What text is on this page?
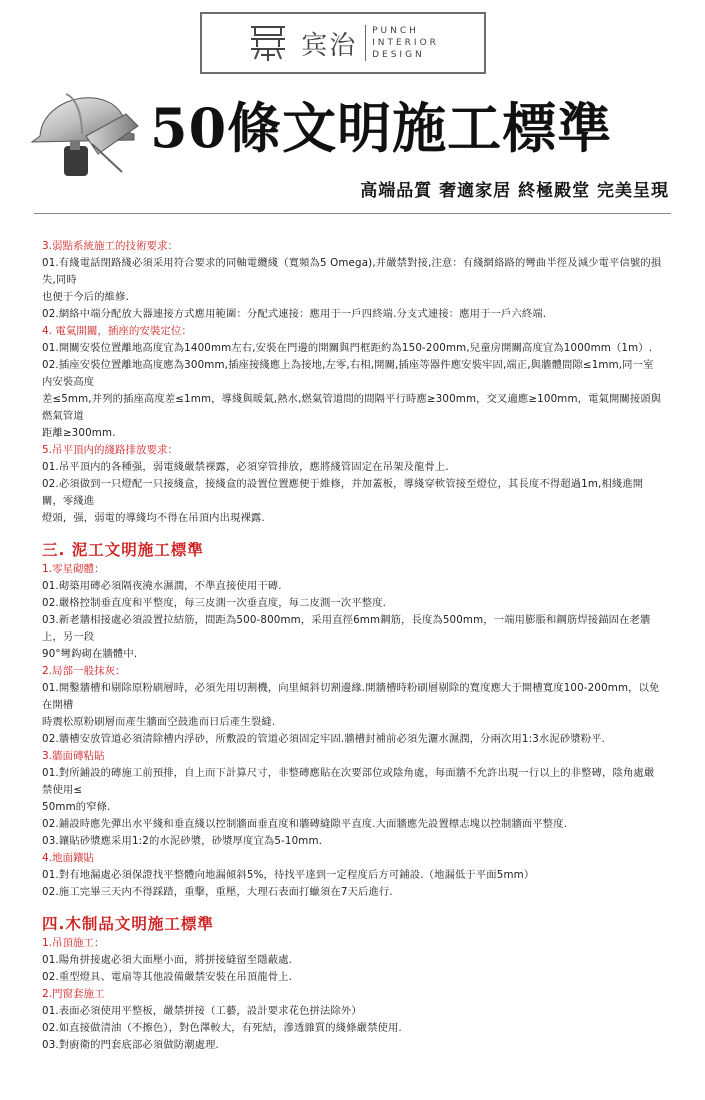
宾治 PUNCH
INTERIOR
DESIGN
50條文明施工標準
高端品質 奢適家居 終極殿堂 完美呈現

3.弱點系統施工的技術要求：

01.有綫電話閉路綫必須采用符合要求的同軸電纜綫（寬頻為5 Omega),并嚴禁對接,注意：有綫網絡路的彎曲半徑及減少電平信號的損失,同時

也便于今后的維修.

02.網絡中端分配放大器連接方式應用範圍：分配式連接：應用于一戶四終端.分支式連接：應用于一戶六終端.

4. 電氣開關，插座的安裝定位：

01.開關安裝位置離地高度宜為1400mm左右,安裝在門邊的開關與門框距約為150-200mm,兒童房開關高度宜為1000mm（1m）.

02.插座安裝位置離地高度應為300mm,插座接綫應上為接地,左零,右相,開關,插座等器件應安裝牢固,端正,與牆體間隙≤1mm,同一室内安裝高度

差≤5mm,并列的插座高度差≤1mm，導綫與暖氣,熱水,燃氣管道間的間隔平行時應≥300mm，交叉適應≥100mm，電氣開關接頭與燃氣管道

距離≥300mm.

5.吊平頂内的綫路排放要求：

01.吊平頂内的各種强，弱電綫嚴禁裸露，必須穿管排放，應將綫管固定在吊架及龍骨上.

02.必須做到一只燈配一只接綫盒，接綫盒的設置位置應便于維修，并加蓋板，導綫穿軟管接至燈位，其長度不得超過1m,相綫進開關，零綫進

燈頭，强，弱電的導綫均不得在吊頂内出現裸露.

三. 泥工文明施工標準

1.零星砌體：

01.砌築用磚必須隔夜澆水濕潤，不準直接使用干磚.

02.嚴格控制垂直度和平整度，每三皮測一次垂直度，每二皮測一次平整度.

03.新老牆相接處必須設置拉結筋，間距為500-800mm，采用直徑6mm鋼筋，長度為500mm，一端用膨脹和鋼筋焊接錨固在老牆上，另一段

90°彎鈎砌在牆體中.

2.局部一般抹灰：

01.開鑿牆槽和剔除原粉刷層時，必須先用切割機，向里傾斜切割邊緣.開牆槽時粉刷層剔除的寬度應大于開槽寬度100-200mm，以免在開槽

時震松原粉刷層而產生牆面空鼓進而日后產生裂縫.

02.牆槽安放管道必須清除槽内浮砂，所敷設的管道必須固定牢固.牆槽封補前必須先灑水濕潤，分兩次用1:3水泥砂漿粉平.

3.牆面磚粘貼

01.對所鋪設的磚施工前預排，自上而下計算尺寸，非整磚應貼在次要部位或陰角處，每面牆不允許出現一行以上的非整磚，陰角處嚴禁使用≤

50mm的窄條.

02.鋪設時應先彈出水平綫和垂直綫以控制牆面垂直度和牆磚縫隙平直度.大面牆應先設置標志塊以控制牆面平整度.

03.鑲貼砂漿應采用1:2的水泥砂漿，砂漿厚度宜為5-10mm.

4.地面鑲貼

01.對有地漏處必須保證找平整體向地漏傾斜5%，待找平達到一定程度后方可鋪設.（地漏低于平面5mm）

02.施工完畢三天内不得踩踏，重擊，重壓，大理石表面打蠟須在7天后進行.

四.木制品文明施工標準

1.吊頂施工：

01.陽角拼接處必須大面壓小面，將拼接縫留至隱蔽處.

02.重型燈具、電扇等其他設備嚴禁安裝在吊頂龍骨上.

2.門窗套施工

01.表面必須使用平整板，嚴禁拼接（工藝，設計要求花色拼法除外）

02.如直接做清油（不擦色），對色澤較大，有死結，滲透雜質的綫條嚴禁使用.

03.對廚衛的門套底部必須做防潮處理.
